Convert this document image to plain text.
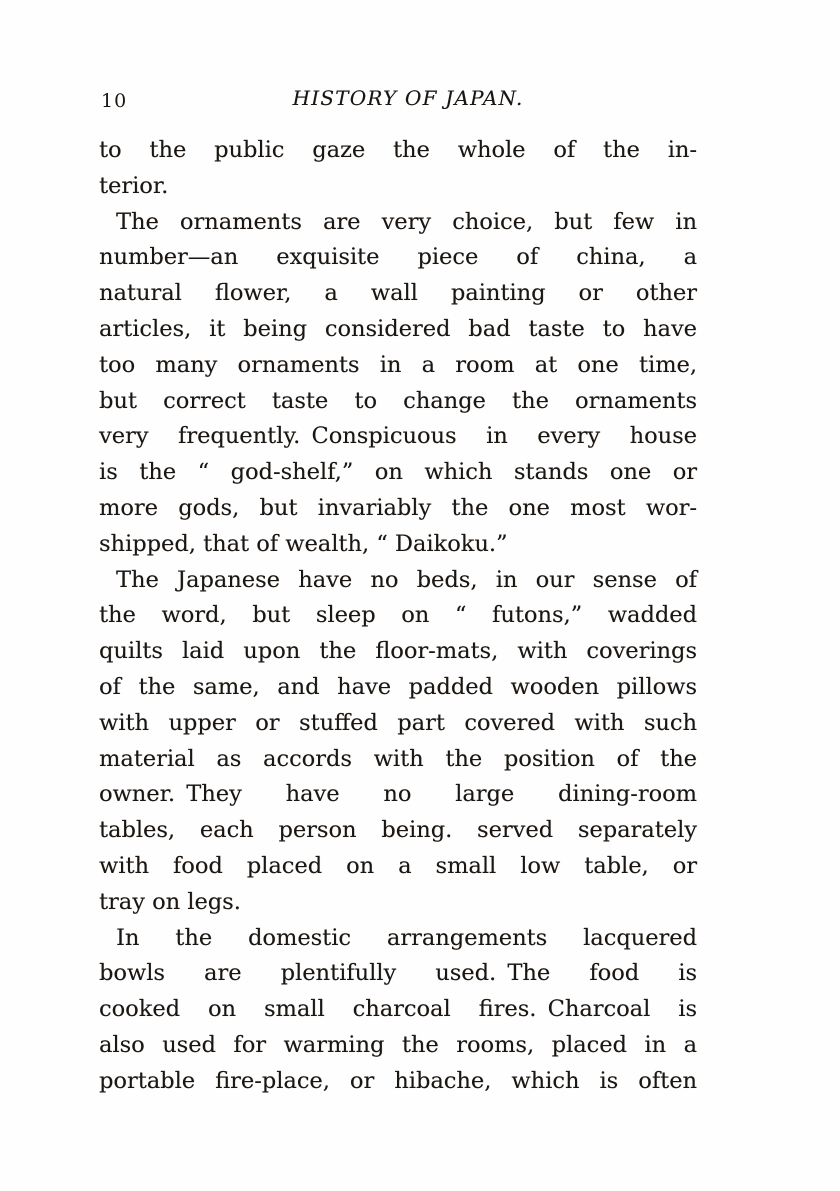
10	HISTORY OF JAPAN.
to the public gaze the whole of the in-
terior.
The ornaments are very choice, but few in
number—an exquisite piece of china, a
natural flower, a wall painting or other
articles, it being considered bad taste to have
too many ornaments in a room at one time,
but correct taste to change the ornaments
very frequently. Conspicuous in every house
is the “ god-shelf,” on which stands one or
more gods, but invariably the one most wor-
shipped, that of wealth, “ Daikoku.”
The Japanese have no beds, in our sense of
the word, but sleep on “ futons,” wadded
quilts laid upon the floor-mats, with coverings
of the same, and have padded wooden pillows
with upper or stuffed part covered with such
material as accords with the position of the
owner. They have no large dining-room
tables, each person being. served separately
with food placed on a small low table, or
tray on legs.
In the domestic arrangements lacquered
bowls are plentifully used. The food is
cooked on small charcoal fires. Charcoal is
also used for warming the rooms, placed in a
portable fire-place, or hibache, which is often
